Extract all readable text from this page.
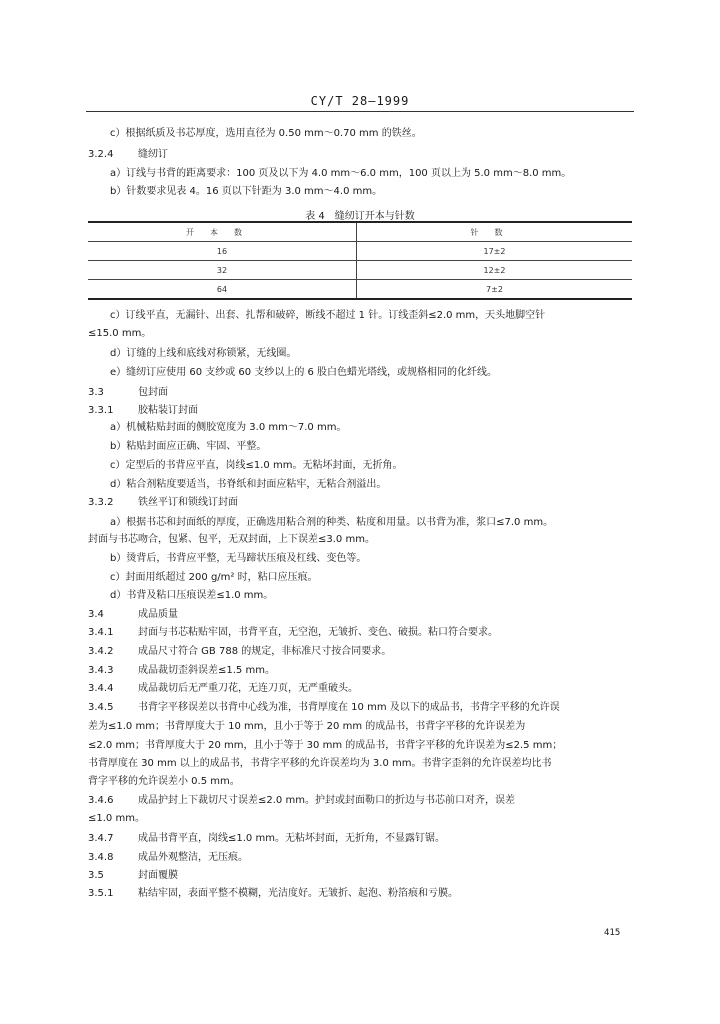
CY/T 28—1999
c）根据纸质及书芯厚度，选用直径为 0.50 mm～0.70 mm 的铁丝。
3.2.4 缝纫订
a）订线与书背的距离要求：100 页及以下为 4.0 mm～6.0 mm，100 页以上为 5.0 mm～8.0 mm。
b）针数要求见表 4。16 页以下针距为 3.0 mm～4.0 mm。
表 4　缝纫订开本与针数
开本数	针数
16	17±2
32	12±2
64	7±2
c）订线平直，无漏针、出套、扎帮和破碎，断线不超过 1 针。订线歪斜≤2.0 mm，天头地脚空针
≤15.0 mm。
d）订缝的上线和底线对称锁紧，无线圈。
e）缝纫订应使用 60 支纱或 60 支纱以上的 6 股白色蜡光塔线，或规格相同的化纤线。
3.3	包封面
3.3.1 胶粘装订封面
a）机械粘贴封面的侧胶宽度为 3.0 mm～7.0 mm。
b）粘贴封面应正确、牢固、平整。
c）定型后的书背应平直，岗线≤1.0 mm。无粘坏封面，无折角。
d）粘合剂粘度要适当，书脊纸和封面应粘牢，无粘合剂溢出。
3.3.2 铁丝平订和锁线订封面
a）根据书芯和封面纸的厚度，正确选用粘合剂的种类、粘度和用量。以书背为准，浆口≤7.0 mm。
封面与书芯吻合，包紧、包平，无双封面，上下误差≤3.0 mm。
b）烫背后，书背应平整，无马蹄状压痕及杠线、变色等。
c）封面用纸超过 200 g/m² 时，粘口应压痕。
d）书背及粘口压痕误差≤1.0 mm。
3.4	成品质量
3.4.1 封面与书芯粘贴牢固，书背平直，无空泡，无皱折、变色、破损。粘口符合要求。
3.4.2 成品尺寸符合 GB 788 的规定，非标准尺寸按合同要求。
3.4.3 成品裁切歪斜误差≤1.5 mm。
3.4.4 成品裁切后无严重刀花，无连刀页，无严重破头。
3.4.5 书背字平移误差以书背中心线为准，书背厚度在 10 mm 及以下的成品书，书背字平移的允许误
差为≤1.0 mm；书背厚度大于 10 mm，且小于等于 20 mm 的成品书，书背字平移的允许误差为
≤2.0 mm；书背厚度大于 20 mm，且小于等于 30 mm 的成品书，书背字平移的允许误差为≤2.5 mm；
书背厚度在 30 mm 以上的成品书，书背字平移的允许误差均为 3.0 mm。书背字歪斜的允许误差均比书
背字平移的允许误差小 0.5 mm。
3.4.6 成品护封上下裁切尺寸误差≤2.0 mm。护封或封面勒口的折边与书芯前口对齐，误差
≤1.0 mm。
3.4.7 成品书背平直，岗线≤1.0 mm。无粘坏封面，无折角，不显露钉锯。
3.4.8 成品外观整洁，无压痕。
3.5	封面覆膜
3.5.1 粘结牢固，表面平整不模糊，光洁度好。无皱折、起泡、粉箔痕和亏膜。
415
